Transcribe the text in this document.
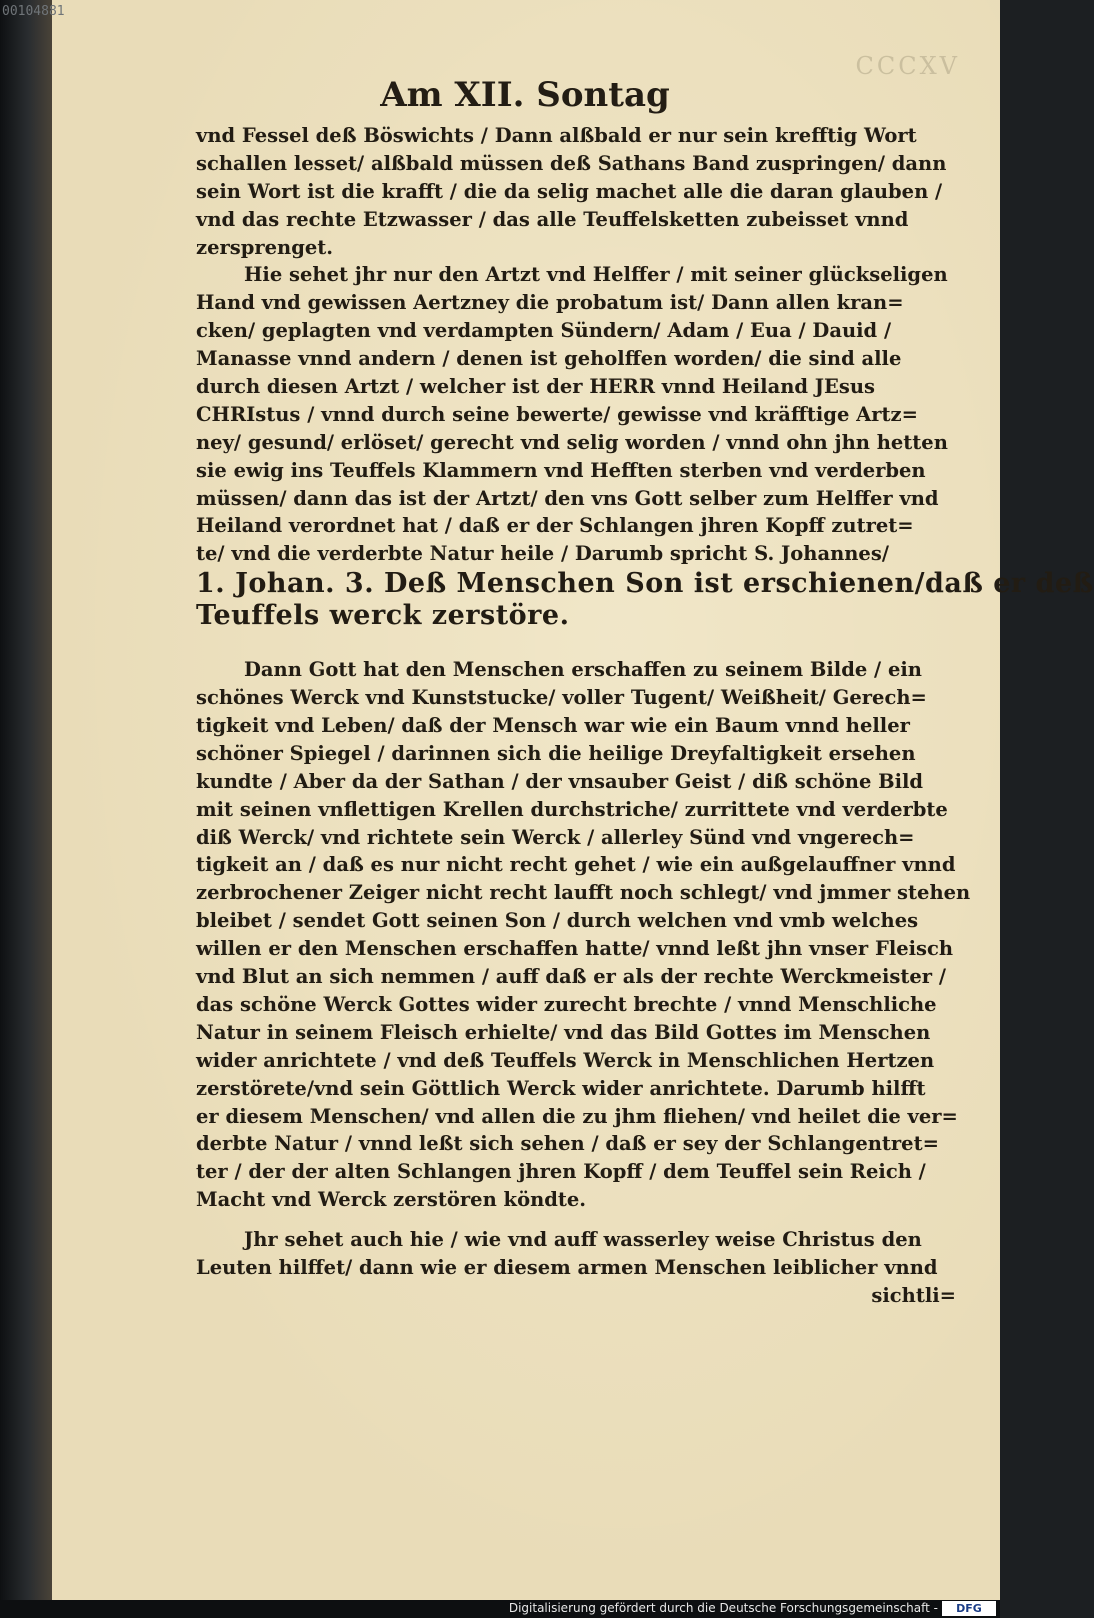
00104881
CCCXV
Am XII. Sontag
vnd Fessel deß Böswichts / Dann alßbald er nur sein krefftig Wort
schallen lesset/ alßbald müssen deß Sathans Band zuspringen/ dann
sein Wort ist die krafft / die da selig machet alle die daran glauben /
vnd das rechte Etzwasser / das alle Teuffelsketten zubeisset vnnd
zersprenget.
Hie sehet jhr nur den Artzt vnd Helffer / mit seiner glückseligen
Hand vnd gewissen Aertzney die probatum ist/ Dann allen kran=
cken/ geplagten vnd verdampten Sündern/ Adam / Eua / Dauid /
Manasse vnnd andern / denen ist geholffen worden/ die sind alle
durch diesen Artzt / welcher ist der HERR vnnd Heiland JEsus
CHRIstus / vnnd durch seine bewerte/ gewisse vnd kräfftige Artz=
ney/ gesund/ erlöset/ gerecht vnd selig worden / vnnd ohn jhn hetten
sie ewig ins Teuffels Klammern vnd Hefften sterben vnd verderben
müssen/ dann das ist der Artzt/ den vns Gott selber zum Helffer vnd
Heiland verordnet hat / daß er der Schlangen jhren Kopff zutret=
te/ vnd die verderbte Natur heile / Darumb spricht S. Johannes/
1. Johan. 3. Deß Menschen Son ist erschienen/daß er deß
Teuffels werck zerstöre.
Dann Gott hat den Menschen erschaffen zu seinem Bilde / ein
schönes Werck vnd Kunststucke/ voller Tugent/ Weißheit/ Gerech=
tigkeit vnd Leben/ daß der Mensch war wie ein Baum vnnd heller
schöner Spiegel / darinnen sich die heilige Dreyfaltigkeit ersehen
kundte / Aber da der Sathan / der vnsauber Geist / diß schöne Bild
mit seinen vnflettigen Krellen durchstriche/ zurrittete vnd verderbte
diß Werck/ vnd richtete sein Werck / allerley Sünd vnd vngerech=
tigkeit an / daß es nur nicht recht gehet / wie ein außgelauffner vnnd
zerbrochener Zeiger nicht recht laufft noch schlegt/ vnd jmmer stehen
bleibet / sendet Gott seinen Son / durch welchen vnd vmb welches
willen er den Menschen erschaffen hatte/ vnnd leßt jhn vnser Fleisch
vnd Blut an sich nemmen / auff daß er als der rechte Werckmeister /
das schöne Werck Gottes wider zurecht brechte / vnnd Menschliche
Natur in seinem Fleisch erhielte/ vnd das Bild Gottes im Menschen
wider anrichtete / vnd deß Teuffels Werck in Menschlichen Hertzen
zerstörete/vnd sein Göttlich Werck wider anrichtete. Darumb hilfft
er diesem Menschen/ vnd allen die zu jhm fliehen/ vnd heilet die ver=
derbte Natur / vnnd leßt sich sehen / daß er sey der Schlangentret=
ter / der der alten Schlangen jhren Kopff / dem Teuffel sein Reich /
Macht vnd Werck zerstören köndte.
Jhr sehet auch hie / wie vnd auff wasserley weise Christus den
Leuten hilffet/ dann wie er diesem armen Menschen leiblicher vnnd
sichtli=
Digitalisierung gefördert durch die Deutsche Forschungsgemeinschaft -	DFG
